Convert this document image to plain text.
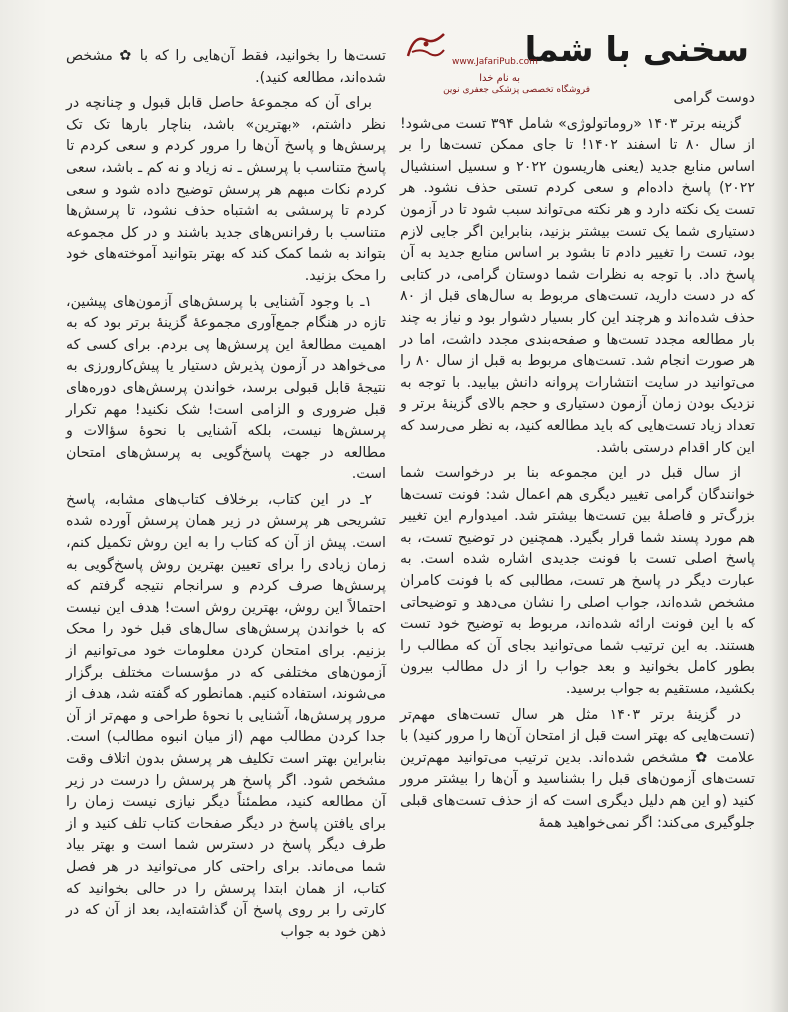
سخنی با شما
www.JafariPub.com
به نام خدا
فروشگاه تخصصی پزشکی جعفری نوین	دوست گرامی

گزینه برتر ۱۴۰۳ «روماتولوژی» شامل ۳۹۴ تست می‌شود! از سال ۸۰ تا اسفند ۱۴۰۲! تا جای ممکن تست‌ها را بر اساس منابع جدید (یعنی هاریسون ۲۰۲۲ و سسیل اسنشیال ۲۰۲۲) پاسخ داده‌ام و سعی کردم تستی حذف نشود. هر تست یک نکته دارد و هر نکته می‌تواند سبب شود تا در آزمون دستیاری شما یک تست بیشتر بزنید، بنابراین اگر جایی لازم بود، تست را تغییر دادم تا بشود بر اساس منابع جدید به آن پاسخ داد. با توجه به نظرات شما دوستان گرامی، در کتابی که در دست دارید، تست‌های مربوط به سال‌های قبل از ۸۰ حذف شده‌اند و هرچند این کار بسیار دشوار بود و نیاز به چند بار مطالعه مجدد تست‌ها و صفحه‌بندی مجدد داشت، اما در هر صورت انجام شد. تست‌های مربوط به قبل از سال ۸۰ را می‌توانید در سایت انتشارات پروانه دانش بیابید. با توجه به نزدیک بودن زمان آزمون دستیاری و حجم بالای گزینهٔ برتر و تعداد زیاد تست‌هایی که باید مطالعه کنید، به نظر می‌رسد که این کار اقدام درستی باشد.

از سال قبل در این مجموعه بنا بر درخواست شما خوانندگان گرامی تغییر دیگری هم اعمال شد: فونت تست‌ها بزرگ‌تر و فاصلهٔ بین تست‌ها بیشتر شد. امیدوارم این تغییر هم مورد پسند شما قرار بگیرد. همچنین در توضیح تست، به پاسخ اصلی تست با فونت جدیدی اشاره شده است. به عبارت دیگر در پاسخ هر تست، مطالبی که با فونت کامران مشخص شده‌اند، جواب اصلی را نشان می‌دهد و توضیحاتی که با این فونت ارائه شده‌اند، مربوط به توضیح خود تست هستند. به این ترتیب شما می‌توانید بجای آن که مطالب را بطور کامل بخوانید و بعد جواب را از دل مطالب بیرون بکشید، مستقیم به جواب برسید.

در گزینهٔ برتر ۱۴۰۳ مثل هر سال تست‌های مهم‌تر (تست‌هایی که بهتر است قبل از امتحان آن‌ها را مرور کنید) با علامت ✿ مشخص شده‌اند. بدین ترتیب می‌توانید مهم‌ترین تست‌های آزمون‌های قبل را بشناسید و آن‌ها را بیشتر مرور کنید (و این هم دلیل دیگری است که از حذف تست‌های قبلی جلوگیری می‌کند: اگر نمی‌خواهید همهٔ

تست‌ها را بخوانید، فقط آن‌هایی را که با ✿ مشخص شده‌اند، مطالعه کنید).

برای آن که مجموعهٔ حاصل قابل قبول و چنانچه در نظر داشتم، «بهترین» باشد، بناچار بارها تک تک پرسش‌ها و پاسخ آن‌ها را مرور کردم و سعی کردم تا پاسخ متناسب با پرسش ـ نه زیاد و نه کم ـ باشد، سعی کردم نکات مبهم هر پرسش توضیح داده شود و سعی کردم تا پرسشی به اشتباه حذف نشود، تا پرسش‌ها متناسب با رفرانس‌های جدید باشند و در کل مجموعه بتواند به شما کمک کند که بهتر بتوانید آموخته‌های خود را محک بزنید.

۱ـ با وجود آشنایی با پرسش‌های آزمون‌های پیشین، تازه در هنگام جمع‌آوری مجموعهٔ گزینهٔ برتر بود که به اهمیت مطالعهٔ این پرسش‌ها پی بردم. برای کسی که می‌خواهد در آزمون پذیرش دستیار یا پیش‌کارورزی به نتیجهٔ قابل قبولی برسد، خواندن پرسش‌های دوره‌های قبل ضروری و الزامی است! شک نکنید! مهم تکرار پرسش‌ها نیست، بلکه آشنایی با نحوهٔ سؤالات و مطالعه در جهت پاسخ‌گویی به پرسش‌های امتحان است.

۲ـ در این کتاب، برخلاف کتاب‌های مشابه، پاسخ تشریحی هر پرسش در زیر همان پرسش آورده شده است. پیش از آن که کتاب را به این روش تکمیل کنم، زمان زیادی را برای تعیین بهترین روش پاسخ‌گویی به پرسش‌ها صرف کردم و سرانجام نتیجه گرفتم که احتمالاً این روش، بهترین روش است! هدف این نیست که با خواندن پرسش‌های سال‌های قبل خود را محک بزنیم. برای امتحان کردن معلومات خود می‌توانیم از آزمون‌های مختلفی که در مؤسسات مختلف برگزار می‌شوند، استفاده کنیم. همانطور که گفته شد، هدف از مرور پرسش‌ها، آشنایی با نحوهٔ طراحی و مهم‌تر از آن جدا کردن مطالب مهم (از میان انبوه مطالب) است. بنابراین بهتر است تکلیف هر پرسش بدون اتلاف وقت مشخص شود. اگر پاسخ هر پرسش را درست در زیر آن مطالعه کنید، مطمئناً دیگر نیازی نیست زمان را برای یافتن پاسخ در دیگر صفحات کتاب تلف کنید و از طرف دیگر پاسخ در دسترس شما است و بهتر بیاد شما می‌ماند. برای راحتی کار می‌توانید در هر فصل کتاب، از همان ابتدا پرسش را در حالی بخوانید که کارتی را بر روی پاسخ آن گذاشته‌اید، بعد از آن که در ذهن خود به جواب
